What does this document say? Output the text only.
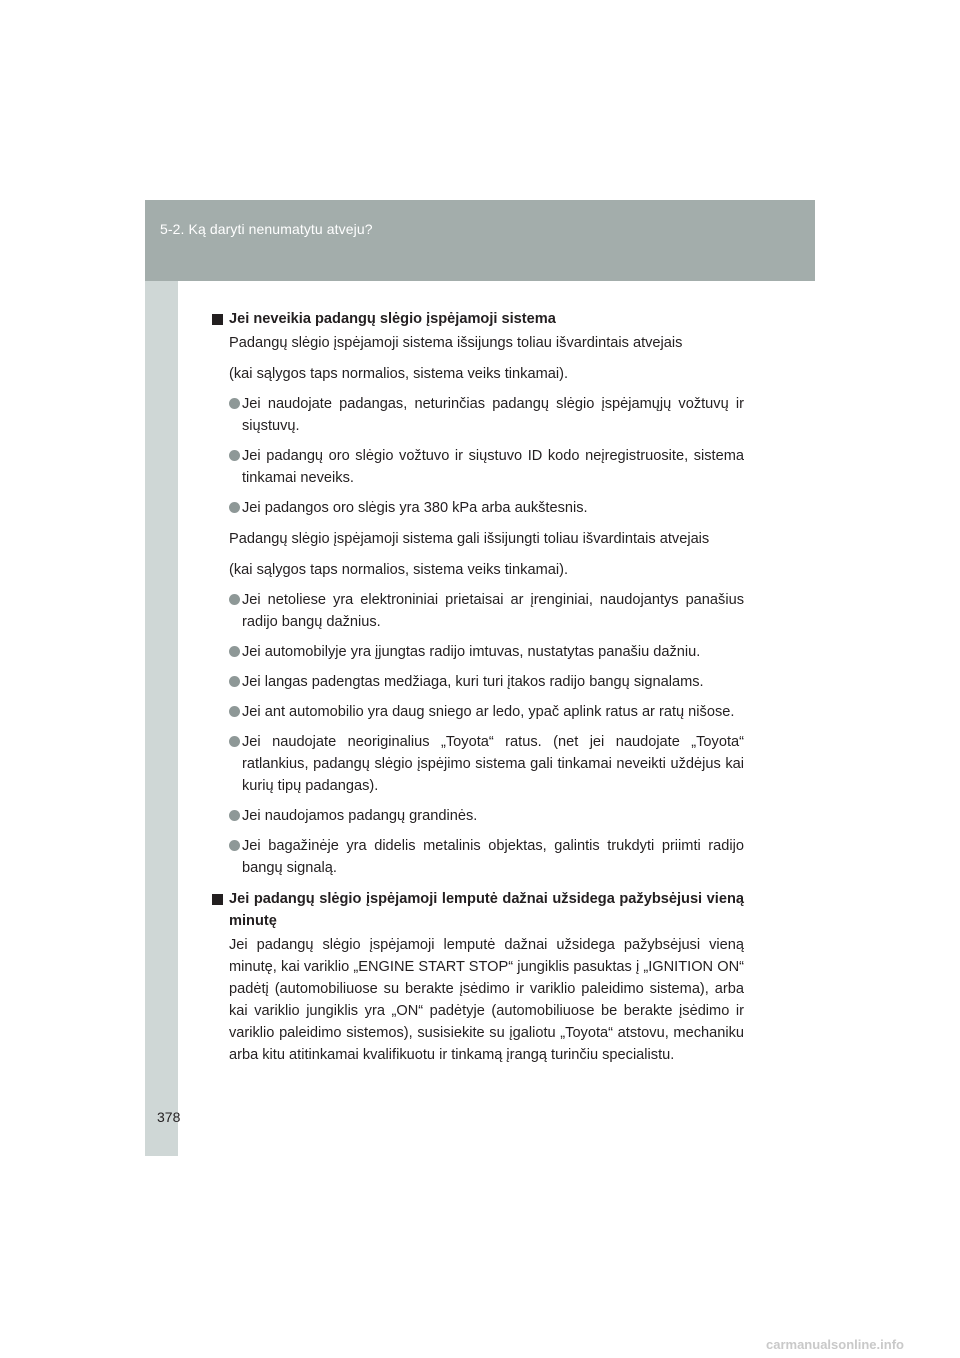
5-2. Ką daryti nenumatytu atveju?
378
Jei neveikia padangų slėgio įspėjamoji sistema
Padangų slėgio įspėjamoji sistema išsijungs toliau išvardintais atvejais
(kai sąlygos taps normalios, sistema veiks tinkamai).
Jei naudojate padangas, neturinčias padangų slėgio įspėjamųjų vožtuvų ir siųstuvų.
Jei padangų oro slėgio vožtuvo ir siųstuvo ID kodo neįregistruosite, sistema tinkamai neveiks.
Jei padangos oro slėgis yra 380 kPa arba aukštesnis.
Padangų slėgio įspėjamoji sistema gali išsijungti toliau išvardintais atvejais
(kai sąlygos taps normalios, sistema veiks tinkamai).
Jei netoliese yra elektroniniai prietaisai ar įrenginiai, naudojantys panašius radijo bangų dažnius.
Jei automobilyje yra įjungtas radijo imtuvas, nustatytas panašiu dažniu.
Jei langas padengtas medžiaga, kuri turi įtakos radijo bangų signalams.
Jei ant automobilio yra daug sniego ar ledo, ypač aplink ratus ar ratų nišose.
Jei naudojate neoriginalius „Toyota“ ratus. (net jei naudojate „Toyota“ ratlankius, padangų slėgio įspėjimo sistema gali tinkamai neveikti uždėjus kai kurių tipų padangas).
Jei naudojamos padangų grandinės.
Jei bagažinėje yra didelis metalinis objektas, galintis trukdyti priimti radijo bangų signalą.
Jei padangų slėgio įspėjamoji lemputė dažnai užsidega pažybsėjusi vieną minutę
Jei padangų slėgio įspėjamoji lemputė dažnai užsidega pažybsėjusi vieną minutę, kai variklio „ENGINE START STOP“ jungiklis pasuktas į „IGNITION ON“ padėtį (automobiliuose su berakte įsėdimo ir variklio paleidimo sistema), arba kai variklio jungiklis yra „ON“ padėtyje (automobiliuose be berakte įsėdimo ir variklio paleidimo sistemos), susisiekite su įgaliotu „Toyota“ atstovu, mechaniku arba kitu atitinkamai kvalifikuotu ir tinkamą įrangą turinčiu specialistu.
carmanualsonline.info
